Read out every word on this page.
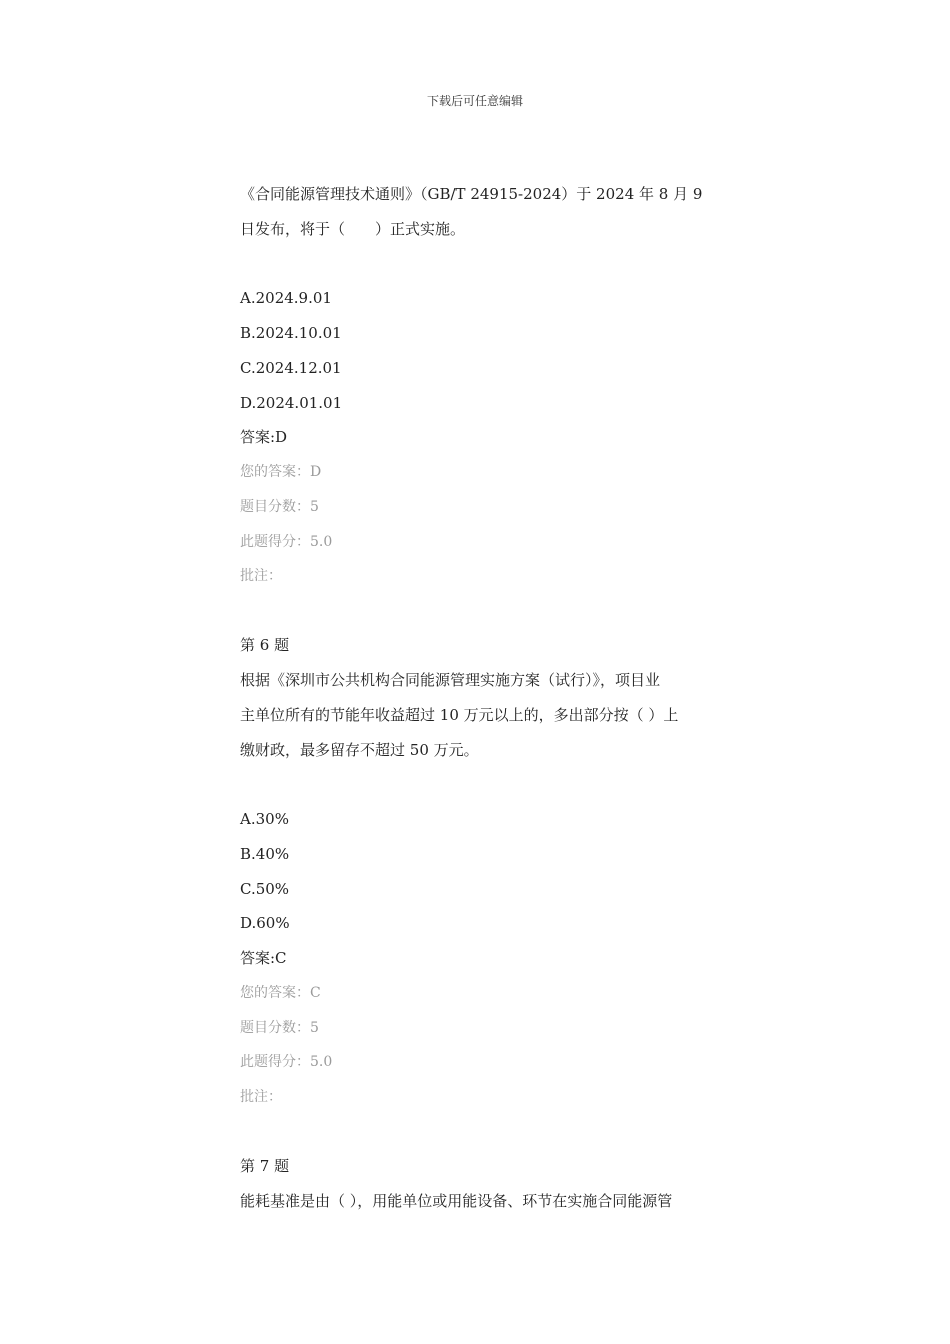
下载后可任意编辑
《合同能源管理技术通则》（GB/T 24915-2024）于 2024 年 8 月 9
日发布，将于（　　）正式实施。
A.2024.9.01
B.2024.10.01
C.2024.12.01
D.2024.01.01
答案:D
您的答案：D
题目分数：5
此题得分：5.0
批注：
第 6 题
根据《深圳市公共机构合同能源管理实施方案（试行）》，项目业
主单位所有的节能年收益超过 10 万元以上的，多出部分按（ ）上
缴财政，最多留存不超过 50 万元。
A.30%
B.40%
C.50%
D.60%
答案:C
您的答案：C
题目分数：5
此题得分：5.0
批注：
第 7 题
能耗基准是由（ ），用能单位或用能设备、环节在实施合同能源管
